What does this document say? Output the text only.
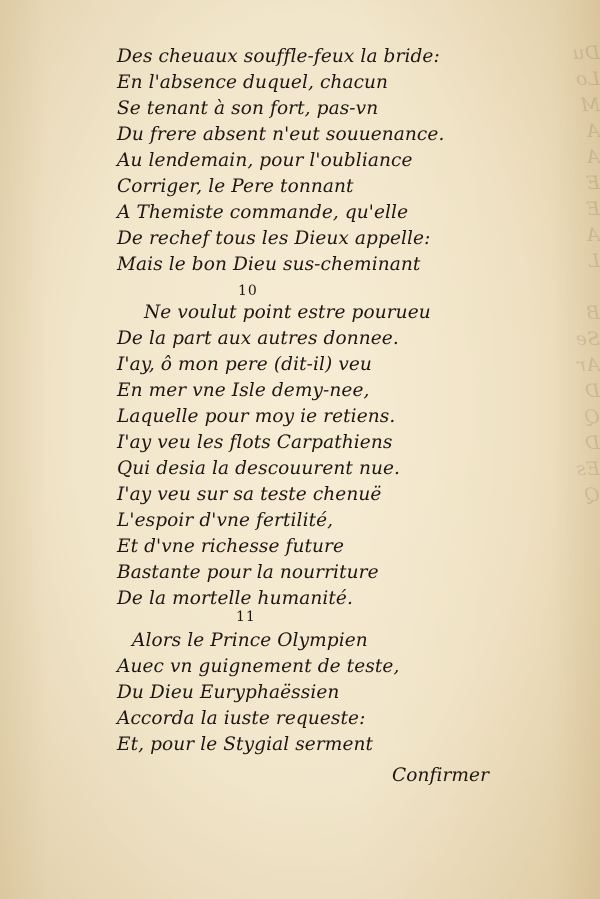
Du
Lo
M
A
A
E
E
A
L

B
Se
Ar
D
Q
D
Es
Q
Des cheuaux souffle-feux la bride:
En l'absence duquel, chacun
Se tenant à son fort, pas-vn
Du frere absent n'eut souuenance.
Au lendemain, pour l'oubliance
Corriger, le Pere tonnant
A Themiste commande, qu'elle
De rechef tous les Dieux appelle:
Mais le bon Dieu sus-cheminant
10
Ne voulut point estre pourueu
De la part aux autres donnee.
I'ay, ô mon pere (dit-il) veu
En mer vne Isle demy-nee,
Laquelle pour moy ie retiens.
I'ay veu les flots Carpathiens
Qui desia la descouurent nue.
I'ay veu sur sa teste chenuë
L'espoir d'vne fertilité,
Et d'vne richesse future
Bastante pour la nourriture
De la mortelle humanité.
11
Alors le Prince Olympien
Auec vn guignement de teste,
Du Dieu Euryphaëssien
Accorda la iuste requeste:
Et, pour le Stygial serment
Confirmer
